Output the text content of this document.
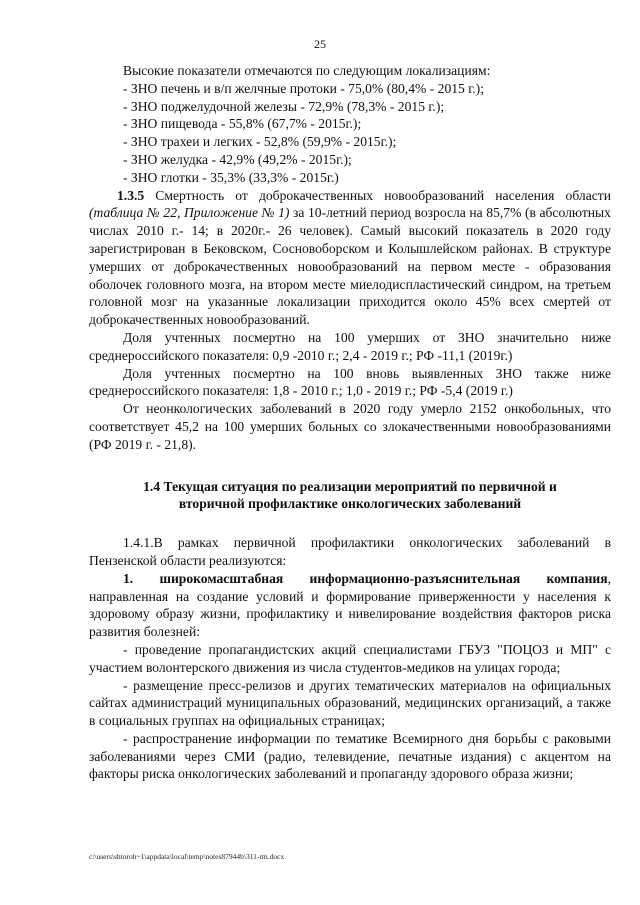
25

Высокие показатели отмечаются по следующим локализациям:

- ЗНО печень и в/п желчные протоки - 75,0% (80,4% - 2015 г.);

- ЗНО поджелудочной железы - 72,9% (78,3% - 2015 г.);

- ЗНО пищевода - 55,8% (67,7% - 2015г.);

- ЗНО трахеи и легких - 52,8% (59,9% - 2015г.);

- ЗНО желудка - 42,9% (49,2% - 2015г.);

- ЗНО глотки - 35,3% (33,3% - 2015г.)

1.3.5 Смертность от доброкачественных новообразований населения области (таблица № 22, Приложение № 1) за 10-летний период возросла на 85,7% (в абсолютных числах 2010 г.- 14; в 2020г.- 26 человек). Самый высокий показатель в 2020 году зарегистрирован в Бековском, Сосновоборском и Колышлейском районах. В структуре умерших от доброкачественных новообразований на первом месте - образования оболочек головного мозга, на втором месте миелодиспластический синдром, на третьем головной мозг на указанные локализации приходится около 45% всех смертей от доброкачественных новообразований.

Доля учтенных посмертно на 100 умерших от ЗНО значительно ниже среднероссийского показателя: 0,9 -2010 г.; 2,4 - 2019 г.; РФ -11,1 (2019г.)

Доля учтенных посмертно на 100 вновь выявленных ЗНО также ниже среднероссийского показателя: 1,8 - 2010 г.; 1,0 - 2019 г.; РФ -5,4 (2019 г.)

От неонкологических заболеваний в 2020 году умерло 2152 онкобольных, что соответствует 45,2 на 100 умерших больных со злокачественными новообразованиями (РФ 2019 г. - 21,8).

1.4 Текущая ситуация по реализации мероприятий по первичной и вторичной профилактике онкологических заболеваний

1.4.1.В рамках первичной профилактики онкологических заболеваний в Пензенской области реализуются:

1. широкомасштабная информационно-разъяснительная компания, направленная на создание условий и формирование приверженности у населения к здоровому образу жизни, профилактику и нивелирование воздействия факторов риска развития болезней:

- проведение пропагандистских акций специалистами ГБУЗ "ПОЦОЗ и МП" с участием волонтерского движения из числа студентов-медиков на улицах города;

- размещение пресс-релизов и других тематических материалов на официальных сайтах администраций муниципальных образований, медицинских организаций, а также в социальных группах на официальных страницах;

- распространение информации по тематике Всемирного дня борьбы с раковыми заболеваниями через СМИ (радио, телевидение, печатные издания) с акцентом на факторы риска онкологических заболеваний и пропаганду здорового образа жизни;

c:\users\shtoroh~1\appdata\local\temp\notes87944b\311-rm.docx
